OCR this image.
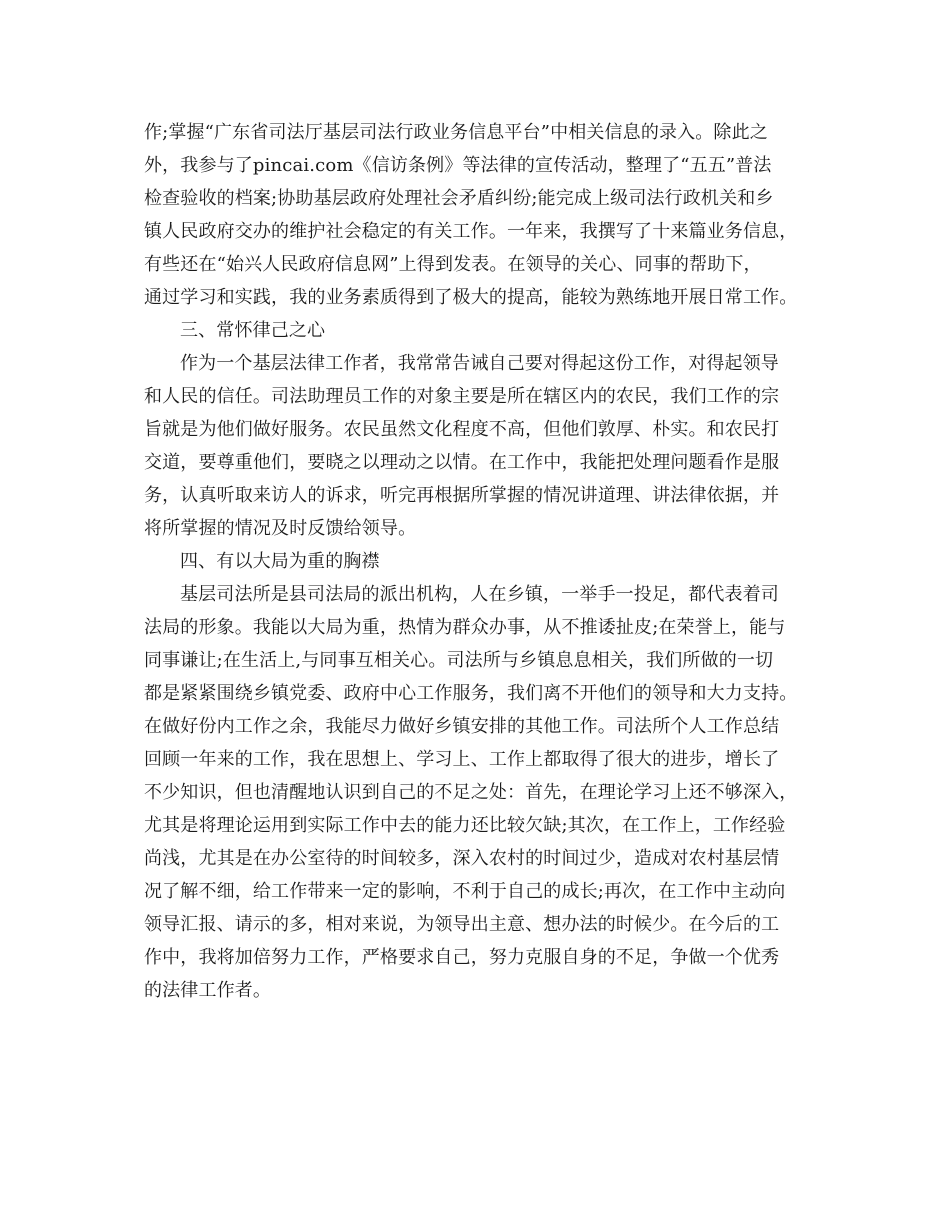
作;掌握“广东省司法厅基层司法行政业务信息平台”中相关信息的录入。除此之
外，我参与了pincai.com《信访条例》等法律的宣传活动，整理了“五五”普法
检查验收的档案;协助基层政府处理社会矛盾纠纷;能完成上级司法行政机关和乡
镇人民政府交办的维护社会稳定的有关工作。一年来，我撰写了十来篇业务信息，
有些还在“始兴人民政府信息网”上得到发表。在领导的关心、同事的帮助下，
通过学习和实践，我的业务素质得到了极大的提高，能较为熟练地开展日常工作。
三、常怀律己之心
作为一个基层法律工作者，我常常告诫自己要对得起这份工作，对得起领导
和人民的信任。司法助理员工作的对象主要是所在辖区内的农民，我们工作的宗
旨就是为他们做好服务。农民虽然文化程度不高，但他们敦厚、朴实。和农民打
交道，要尊重他们，要晓之以理动之以情。在工作中，我能把处理问题看作是服
务，认真听取来访人的诉求，听完再根据所掌握的情况讲道理、讲法律依据，并
将所掌握的情况及时反馈给领导。
四、有以大局为重的胸襟
基层司法所是县司法局的派出机构，人在乡镇，一举手一投足，都代表着司
法局的形象。我能以大局为重，热情为群众办事，从不推诿扯皮;在荣誉上，能与
同事谦让;在生活上,与同事互相关心。司法所与乡镇息息相关，我们所做的一切
都是紧紧围绕乡镇党委、政府中心工作服务，我们离不开他们的领导和大力支持。
在做好份内工作之余，我能尽力做好乡镇安排的其他工作。司法所个人工作总结
回顾一年来的工作，我在思想上、学习上、工作上都取得了很大的进步，增长了
不少知识，但也清醒地认识到自己的不足之处：首先，在理论学习上还不够深入，
尤其是将理论运用到实际工作中去的能力还比较欠缺;其次，在工作上，工作经验
尚浅，尤其是在办公室待的时间较多，深入农村的时间过少，造成对农村基层情
况了解不细，给工作带来一定的影响，不利于自己的成长;再次，在工作中主动向
领导汇报、请示的多，相对来说，为领导出主意、想办法的时候少。在今后的工
作中，我将加倍努力工作，严格要求自己，努力克服自身的不足，争做一个优秀
的法律工作者。
